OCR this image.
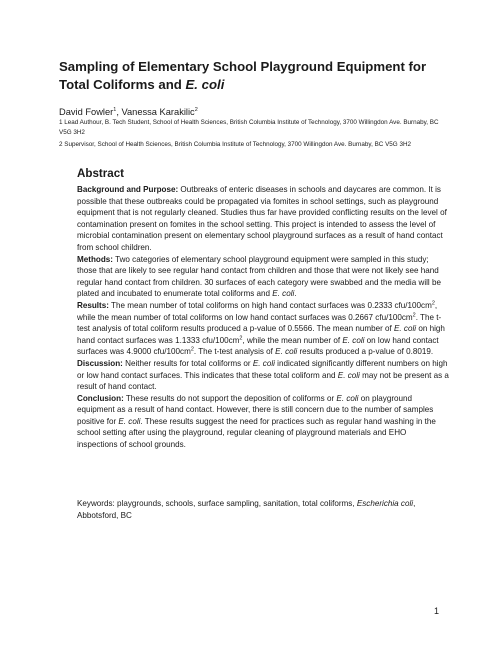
Sampling of Elementary School Playground Equipment for Total Coliforms and E. coli
David Fowler$^1$, Vanessa Karakilic$^2$
1 Lead Authour, B. Tech Student, School of Health Sciences, British Columbia Institute of Technology, 3700 Willingdon Ave. Burnaby, BC V5G 3H2
2 Supervisor, School of Health Sciences, British Columbia Institute of Technology, 3700 Willingdon Ave. Burnaby, BC V5G 3H2
Abstract

Background and Purpose: Outbreaks of enteric diseases in schools and daycares are common. It is possible that these outbreaks could be propagated via fomites in school settings, such as playground equipment that is not regularly cleaned. Studies thus far have provided conflicting results on the level of contamination present on fomites in the school setting. This project is intended to assess the level of microbial contamination present on elementary school playground surfaces as a result of hand contact from school children.

Methods: Two categories of elementary school playground equipment were sampled in this study; those that are likely to see regular hand contact from children and those that were not likely see hand regular hand contact from children. 30 surfaces of each category were swabbed and the media will be plated and incubated to enumerate total coliforms and E. coli.

Results: The mean number of total coliforms on high hand contact surfaces was 0.2333 cfu/$100cm^2$, while the mean number of total coliforms on low hand contact surfaces was 0.2667 cfu/$100cm^2$. The t-test analysis of total coliform results produced a p-value of 0.5566. The mean number of E. coli on high hand contact surfaces was 1.1333 cfu/$100cm^2$, while the mean number of E. coli on low hand contact surfaces was 4.9000 cfu/$100cm^2$. The t-test analysis of E. coli results produced a p-value of 0.8019.

Discussion: Neither results for total coliforms or E. coli indicated significantly different numbers on high or low hand contact surfaces. This indicates that these total coliform and E. coli may not be present as a result of hand contact.

Conclusion: These results do not support the deposition of coliforms or E. coli on playground equipment as a result of hand contact. However, there is still concern due to the number of samples positive for E. coli. These results suggest the need for practices such as regular hand washing in the school setting after using the playground, regular cleaning of playground materials and EHO inspections of school grounds.

Keywords: playgrounds, schools, surface sampling, sanitation, total coliforms, Escherichia coli, Abbotsford, BC

1
